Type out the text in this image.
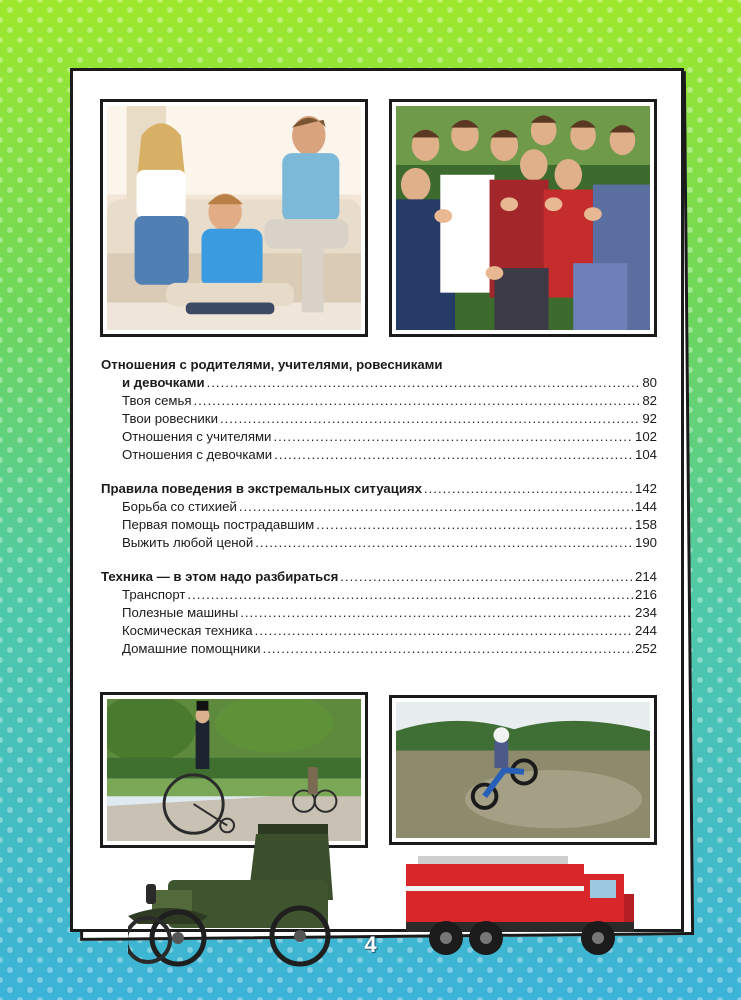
Отношения с родителями, учителями, ровесниками
и девочками .....	80
Твоя семья .....	82
Твои ровесники .....	92
Отношения с учителями .....	102
Отношения с девочками .....	104
Правила поведения в экстремальных ситуациях .....	142
Борьба со стихией .....	144
Первая помощь пострадавшим .....	158
Выжить любой ценой .....	190
Техника — в этом надо разбираться .....	214
Транспорт .....	216
Полезные машины .....	234
Космическая техника .....	244
Домашние помощники .....	252
4
